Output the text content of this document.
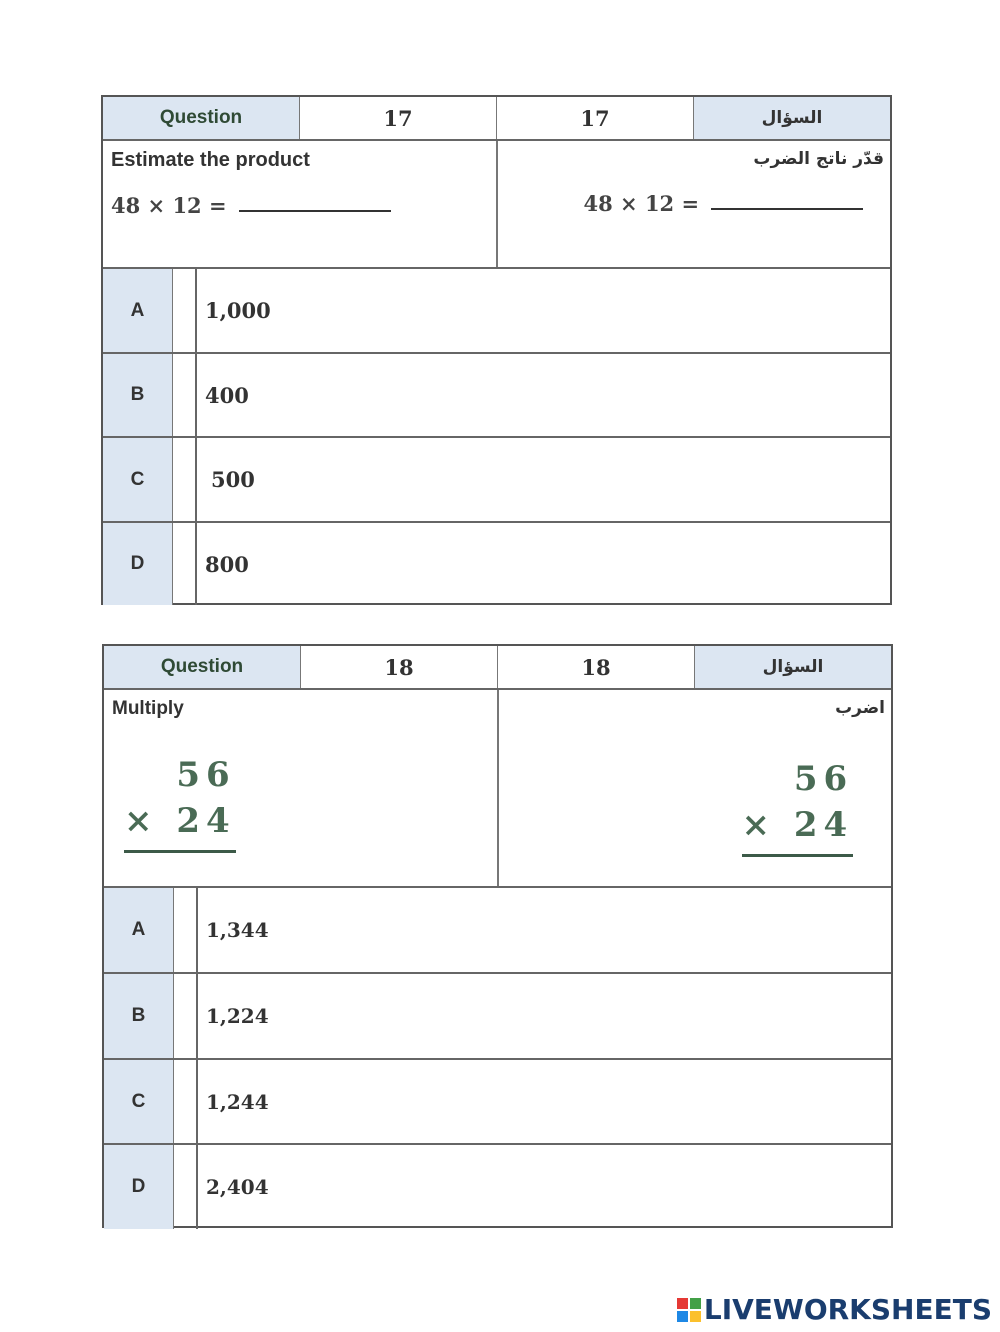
Question	17	17	السؤال
Estimate the product
48 × 12 =
قدّر ناتج الضرب
48 × 12 =
A	1,000
B	400
C	500
D	800
Question	18	18	السؤال
Multiply
56
× 24
اضرب
56
× 24
A	1,344
B	1,224
C	1,244
D	2,404
LIVEWORKSHEETS
